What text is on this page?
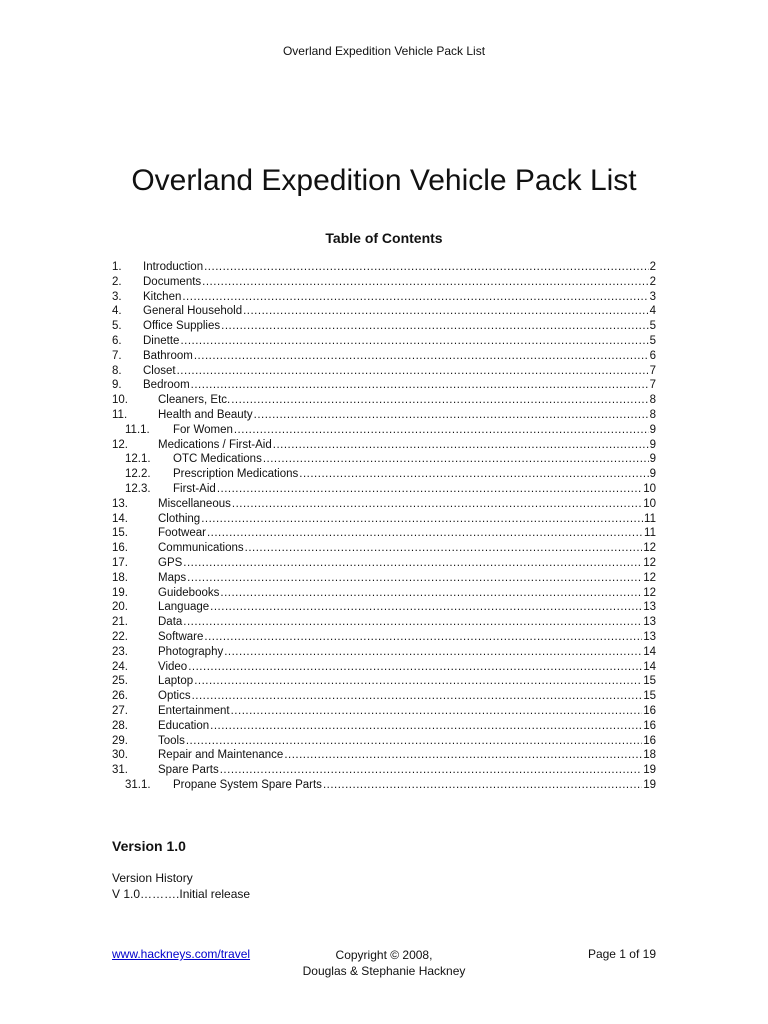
Overland Expedition Vehicle Pack List
Overland Expedition Vehicle Pack List
Table of Contents
1. Introduction .....	2
2. Documents .....	2
3. Kitchen .....	3
4. General Household .....	4
5. Office Supplies .....	5
6. Dinette .....	5
7. Bathroom .....	6
8. Closet .....	7
9. Bedroom .....	7
10.	Cleaners, Etc. .....	8
11.	Health and Beauty .....	8
11.1. For Women .....	9
12.	Medications / First-Aid .....	9
12.1. OTC Medications .....	9
12.2. Prescription Medications .....	9
12.3. First-Aid .....	10
13.	Miscellaneous .....	10
14.	Clothing .....	11
15.	Footwear .....	11
16.	Communications .....	12
17.	GPS .....	12
18.	Maps .....	12
19.	Guidebooks .....	12
20.	Language .....	13
21.	Data .....	13
22.	Software .....	13
23.	Photography .....	14
24.	Video .....	14
25.	Laptop .....	15
26.	Optics .....	15
27.	Entertainment .....	16
28.	Education .....	16
29.	Tools .....	16
30.	Repair and Maintenance .....	18
31.	Spare Parts .....	19
31.1. Propane System Spare Parts .....	19
Version 1.0
Version History
V 1.0……….Initial release
www.hackneys.com/travel	Copyright © 2008,
Douglas & Stephanie Hackney
Page 1 of 19
